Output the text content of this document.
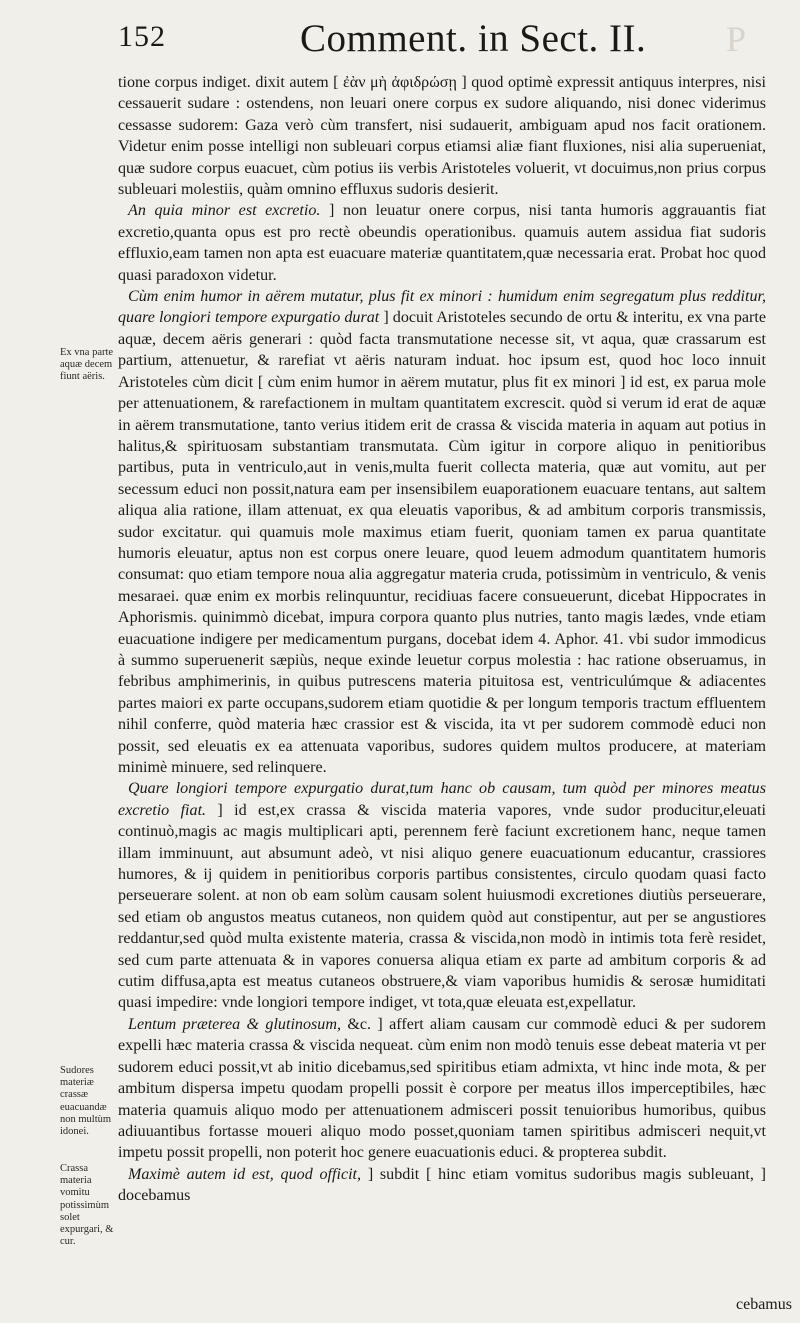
152	Comment. in Sect. II. P

tione corpus indiget. dixit autem [ ἐὰν μὴ ἀφιδρώσῃ ] quod optimè expressit antiquus interpres, nisi cessauerit sudare : ostendens, non leuari onere corpus ex sudore aliquando, nisi donec viderimus cessasse sudorem: Gaza verò cùm transfert, nisi sudauerit, ambiguam apud nos facit orationem. Videtur enim posse intelligi non subleuari corpus etiamsi aliæ fiant fluxiones, nisi alia superueniat, quæ sudore corpus euacuet, cùm potius iis verbis Aristoteles voluerit, vt docuimus,non prius corpus subleuari molestiis, quàm omnino effluxus sudoris desierit.

An quia minor est excretio. ] non leuatur onere corpus, nisi tanta humoris aggrauantis fiat excretio,quanta opus est pro rectè obeundis operationibus. quamuis autem assidua fiat sudoris effluxio,eam tamen non apta est euacuare materiæ quantitatem,quæ necessaria erat. Probat hoc quod quasi paradoxon videtur.

Cùm enim humor in aërem mutatur, plus fit ex minori : humidum enim segregatum plus redditur, quare longiori tempore expurgatio durat ] docuit Aristoteles secundo de ortu & interitu, ex vna parte aquæ, decem aëris generari : quòd facta transmutatione necesse sit, vt aqua, quæ crassarum est partium, attenuetur, & rarefiat vt aëris naturam induat. hoc ipsum est, quod hoc loco innuit Aristoteles cùm dicit [ cùm enim humor in aërem mutatur, plus fit ex minori ] id est, ex parua mole per attenuationem, & rarefactionem in multam quantitatem excrescit. quòd si verum id erat de aquæ in aërem transmutatione, tanto verius itidem erit de crassa & viscida materia in aquam aut potius in halitus,& spirituosam substantiam transmutata. Cùm igitur in corpore aliquo in penitioribus partibus, puta in ventriculo,aut in venis,multa fuerit collecta materia, quæ aut vomitu, aut per secessum educi non possit,natura eam per insensibilem euaporationem euacuare tentans, aut saltem aliqua alia ratione, illam attenuat, ex qua eleuatis vaporibus, & ad ambitum corporis transmissis, sudor excitatur. qui quamuis mole maximus etiam fuerit, quoniam tamen ex parua quantitate humoris eleuatur, aptus non est corpus onere leuare, quod leuem admodum quantitatem humoris consumat: quo etiam tempore noua alia aggregatur materia cruda, potissimùm in ventriculo, & venis mesaraei. quæ enim ex morbis relinquuntur, recidiuas facere consueuerunt, dicebat Hippocrates in Aphorismis. quinimmò dicebat, impura corpora quanto plus nutries, tanto magis lædes, vnde etiam euacuatione indigere per medicamentum purgans, docebat idem 4. Aphor. 41. vbi sudor immodicus à summo superuenerit sæpiùs, neque exinde leuetur corpus molestia : hac ratione obseruamus, in febribus amphimerinis, in quibus putrescens materia pituitosa est, ventriculúmque & adiacentes partes maiori ex parte occupans,sudorem etiam quotidie & per longum temporis tractum effluentem nihil conferre, quòd materia hæc crassior est & viscida, ita vt per sudorem commodè educi non possit, sed eleuatis ex ea attenuata vaporibus, sudores quidem multos producere, at materiam minimè minuere, sed relinquere.

Quare longiori tempore expurgatio durat,tum hanc ob causam, tum quòd per minores meatus excretio fiat. ] id est,ex crassa & viscida materia vapores, vnde sudor producitur,eleuati continuò,magis ac magis multiplicari apti, perennem ferè faciunt excretionem hanc, neque tamen illam imminuunt, aut absumunt adeò, vt nisi aliquo genere euacuationum educantur, crassiores humores, & ij quidem in penitioribus corporis partibus consistentes, circulo quodam quasi facto perseuerare solent. at non ob eam solùm causam solent huiusmodi excretiones diutiùs perseuerare, sed etiam ob angustos meatus cutaneos, non quidem quòd aut constipentur, aut per se angustiores reddantur,sed quòd multa existente materia, crassa & viscida,non modò in intimis tota ferè residet, sed cum parte attenuata & in vapores conuersa aliqua etiam ex parte ad ambitum corporis & ad cutim diffusa,apta est meatus cutaneos obstruere,& viam vaporibus humidis & serosæ humiditati quasi impedire: vnde longiori tempore indiget, vt tota,quæ eleuata est,expellatur.

Lentum præterea & glutinosum, &c. ] affert aliam causam cur commodè educi & per sudorem expelli hæc materia crassa & viscida nequeat. cùm enim non modò tenuis esse debeat materia vt per sudorem educi possit,vt ab initio dicebamus,sed spiritibus etiam admixta, vt hinc inde mota, & per ambitum dispersa impetu quodam propelli possit è corpore per meatus illos imperceptibiles, hæc materia quamuis aliquo modo per attenuationem admisceri possit tenuioribus humoribus, quibus adiuuantibus fortasse moueri aliquo modo posset,quoniam tamen spiritibus admisceri nequit,vt impetu possit propelli, non poterit hoc genere euacuationis educi. & propterea subdit.

Maximè autem id est, quod officit, ] subdit [ hinc etiam vomitus sudoribus magis subleuant, ] docebamus

Ex vna parte aquæ decem fiunt aëris.
Sudores materiæ crassæ euacuandæ non multùm idonei.
Crassa materia vomitu potissimùm solet expurgari, & cur.
cebamus
